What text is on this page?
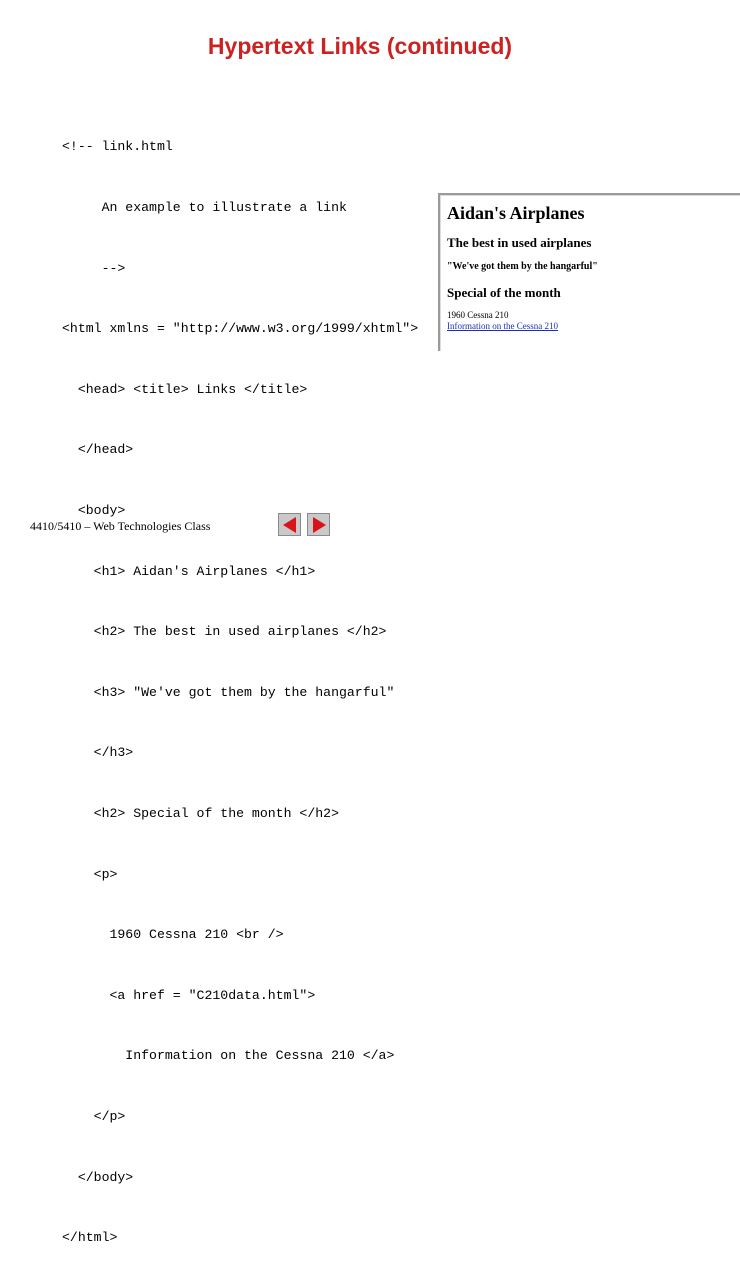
Hypertext Links (continued)

<!-- link.html

An example to illustrate a link

-->

<html xmlns = "http://www.w3.org/1999/xhtml">

<head> <title> Links </title>

</head>

<body>

<h1> Aidan's Airplanes </h1>

<h2> The best in used airplanes </h2>

<h3> "We've got them by the hangarful"

</h3>

<h2> Special of the month </h2>

<p>

1960 Cessna 210 <br />

<a href = "C210data.html">

Information on the Cessna 210 </a>

</p>

</body>

</html>

Aidan's Airplanes
The best in used airplanes
"We've got them by the hangarful"
Special of the month
1960 Cessna 210
Information on the Cessna 210
4410/5410 – Web Technologies Class
